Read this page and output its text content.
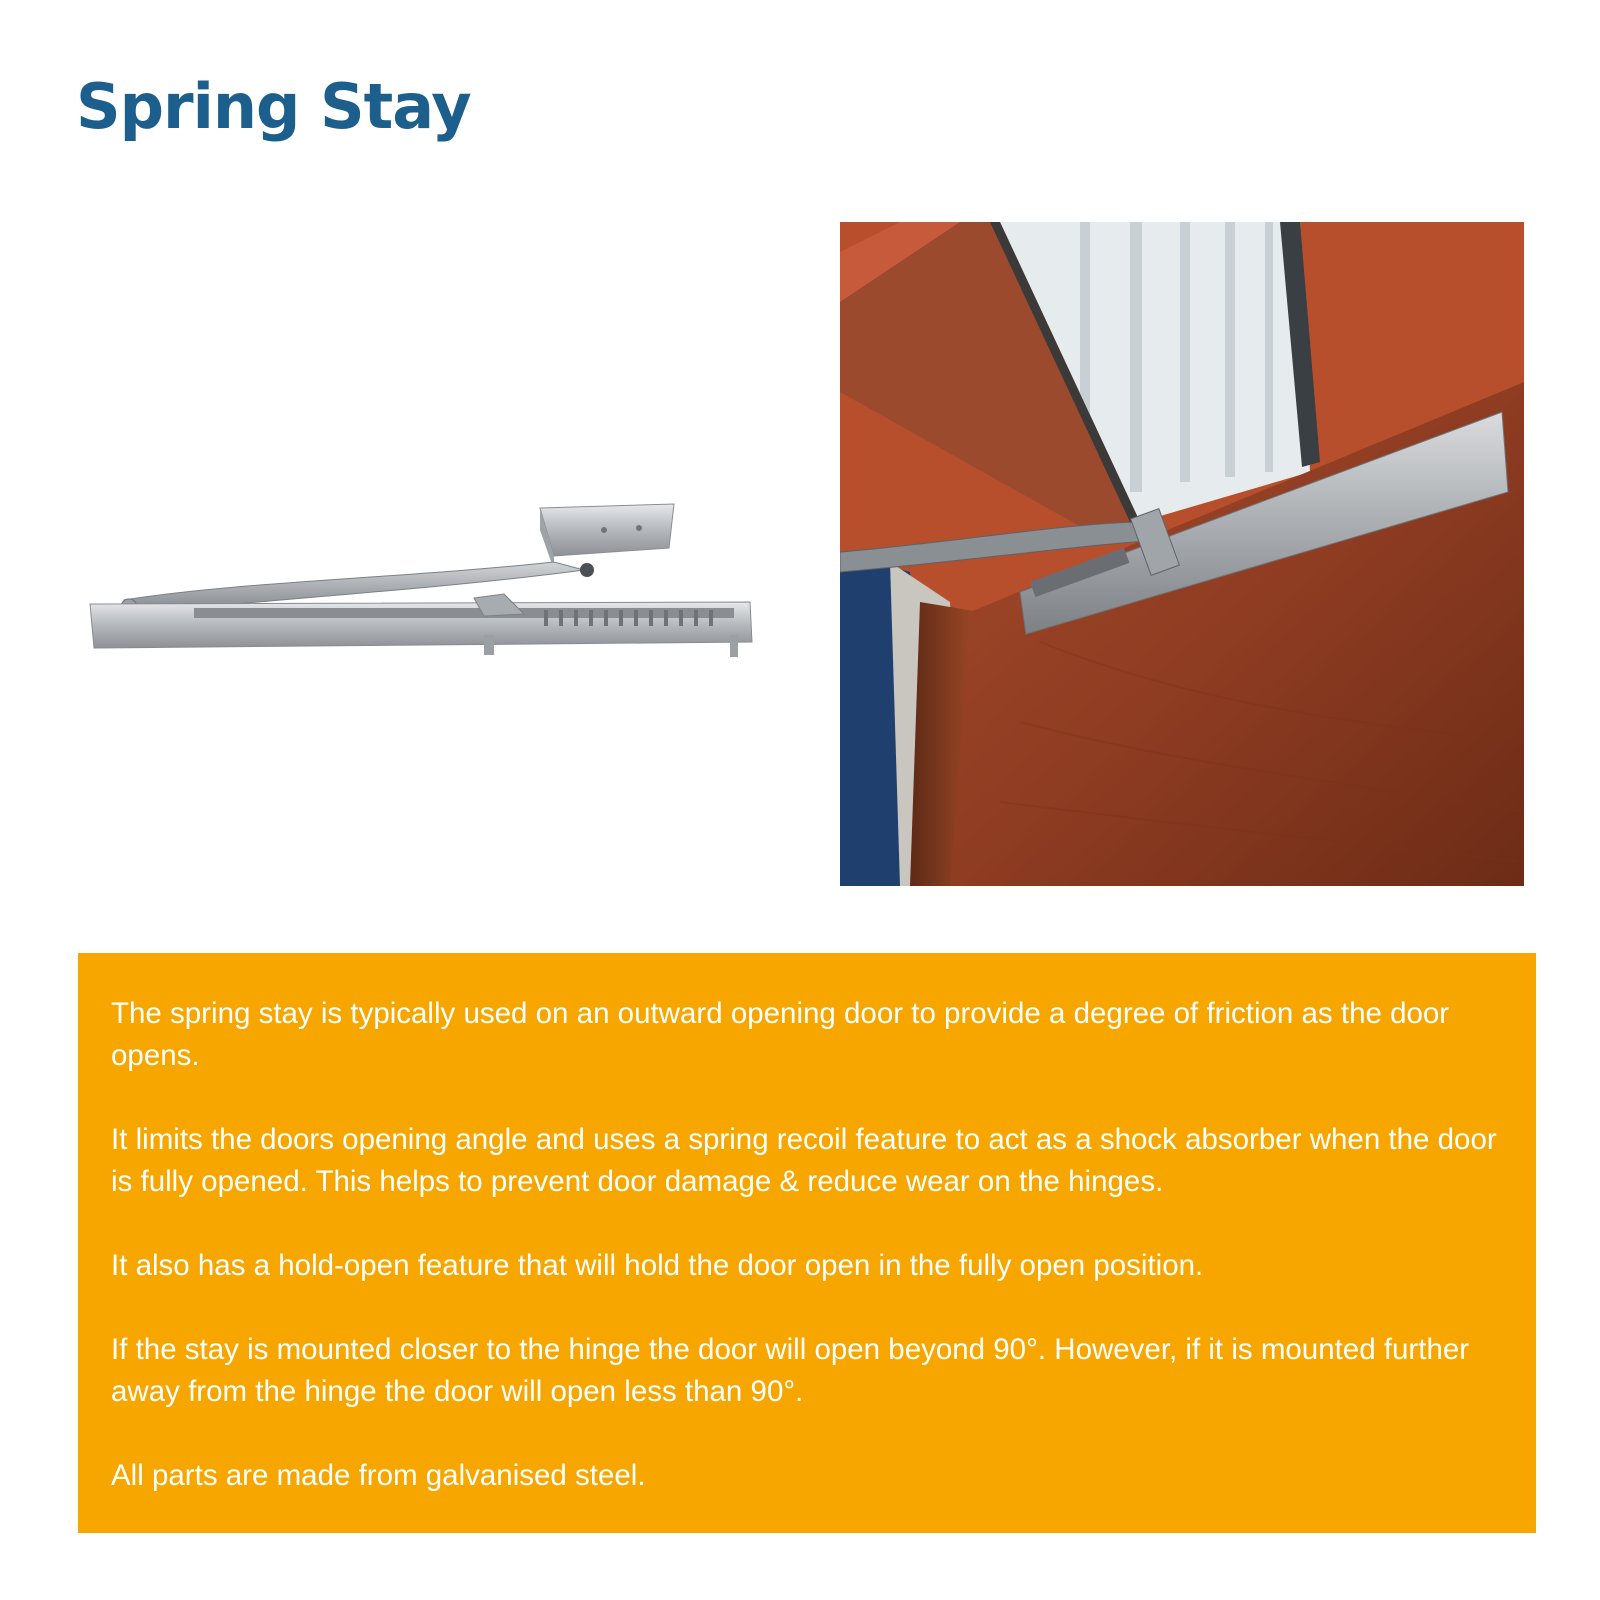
Spring Stay

The spring stay is typically used on an outward opening door to provide a degree of friction as the door opens.

It limits the doors opening angle and uses a spring recoil feature to act as a shock absorber when the door is fully opened. This helps to prevent door damage & reduce wear on the hinges.

It also has a hold-open feature that will hold the door open in the fully open position.

If the stay is mounted closer to the hinge the door will open beyond 90°. However, if it is mounted further away from the hinge the door will open less than 90°.

All parts are made from galvanised steel.
